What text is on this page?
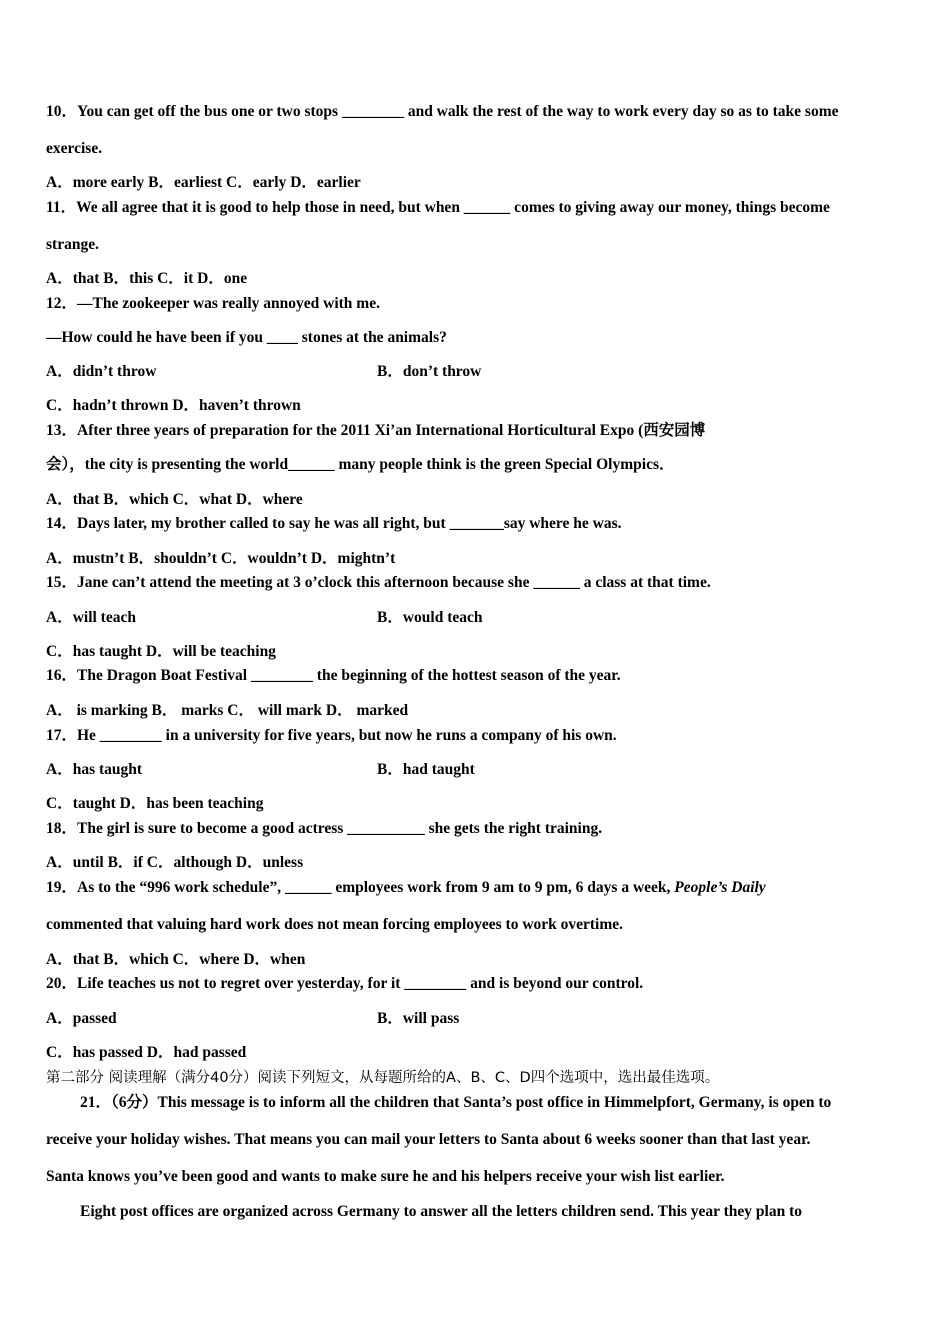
10．You can get off the bus one or two stops ________ and walk the rest of the way to work every day so as to take some
exercise.
A．more early B．earliest C．early D．earlier
11．We all agree that it is good to help those in need, but when ______ comes to giving away our money, things become
strange.
A．that B．this C．it D．one
12．—The zookeeper was really annoyed with me.
—How could he have been if you ____ stones at the animals?
A．didn’t throw	B．don’t throw
C．hadn’t thrown D．haven’t thrown
13．After three years of preparation for the 2011 Xi’an International Horticultural Expo (西安园博
会），the city is presenting the world______ many people think is the green Special Olympics．
A．that B．which C．what D．where
14．Days later, my brother called to say he was all right, but _______say where he was.
A．mustn’t B．shouldn’t C．wouldn’t D．mightn’t
15．Jane can’t attend the meeting at 3 o’clock this afternoon because she ______ a class at that time.
A．will teach	B．would teach
C．has taught D．will be teaching
16．The Dragon Boat Festival ________ the beginning of the hottest season of the year.
A． is marking B． marks C． will mark D． marked
17．He ________ in a university for five years, but now he runs a company of his own.
A．has taught	B．had taught
C．taught D．has been teaching
18．The girl is sure to become a good actress __________ she gets the right training.
A．until B．if C．although D．unless
19．As to the “996 work schedule”, ______ employees work from 9 am to 9 pm, 6 days a week, People’s Daily
commented that valuing hard work does not mean forcing employees to work overtime.
A．that B．which C．where D．when
20．Life teaches us not to regret over yesterday, for it ________ and is beyond our control.
A．passed	B．will pass
C．has passed D．had passed
第二部分 阅读理解（满分40分）阅读下列短文，从每题所给的A、B、C、D四个选项中，选出最佳选项。
21．（6分）This message is to inform all the children that Santa’s post office in Himmelpfort, Germany, is open to
receive your holiday wishes. That means you can mail your letters to Santa about 6 weeks sooner than that last year.
Santa knows you’ve been good and wants to make sure he and his helpers receive your wish list earlier.
Eight post offices are organized across Germany to answer all the letters children send. This year they plan to
